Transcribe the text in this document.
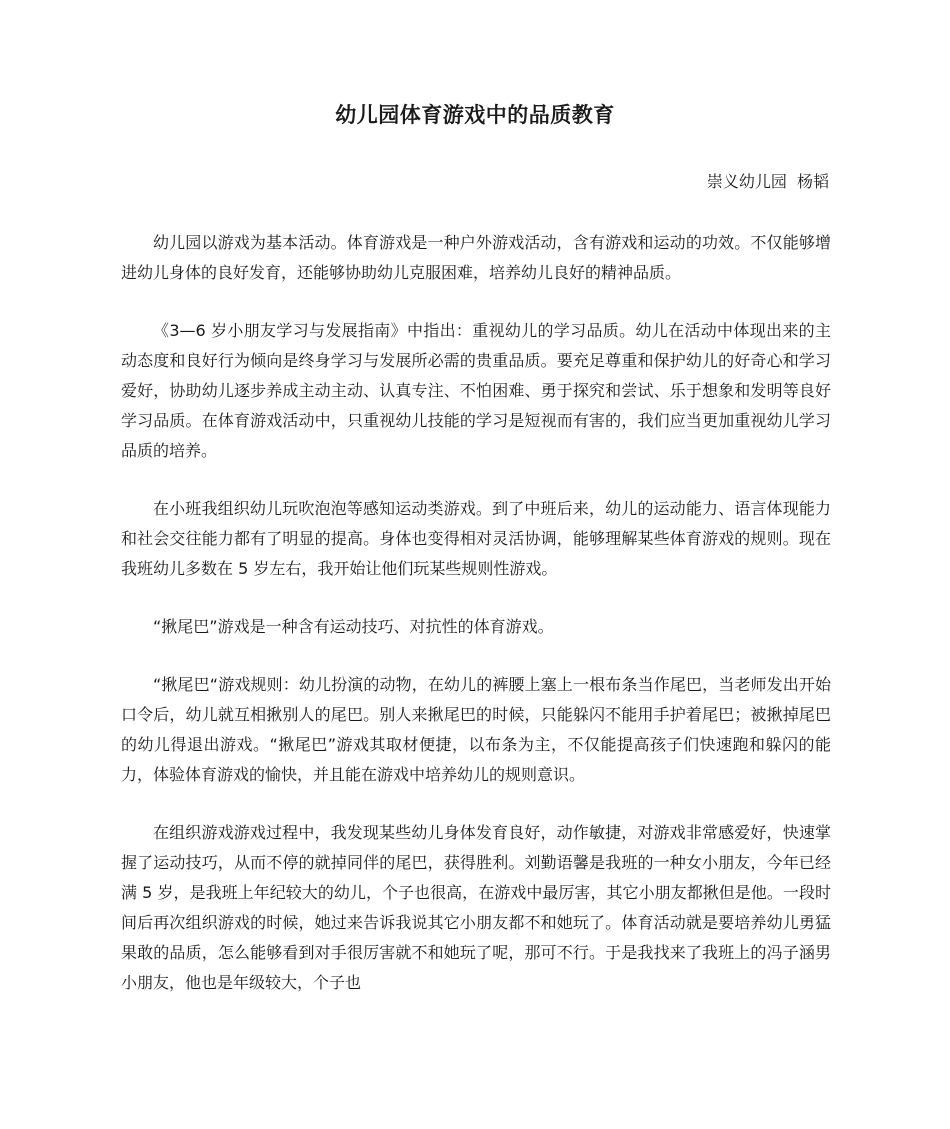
幼儿园体育游戏中的品质教育
崇义幼儿园  杨韬

幼儿园以游戏为基本活动。体育游戏是一种户外游戏活动，含有游戏和运动的功效。不仅能够增进幼儿身体的良好发育，还能够协助幼儿克服困难，培养幼儿良好的精神品质。

《3—6 岁小朋友学习与发展指南》中指出：重视幼儿的学习品质。幼儿在活动中体现出来的主动态度和良好行为倾向是终身学习与发展所必需的贵重品质。要充足尊重和保护幼儿的好奇心和学习爱好，协助幼儿逐步养成主动主动、认真专注、不怕困难、勇于探究和尝试、乐于想象和发明等良好学习品质。在体育游戏活动中，只重视幼儿技能的学习是短视而有害的，我们应当更加重视幼儿学习品质的培养。

在小班我组织幼儿玩吹泡泡等感知运动类游戏。到了中班后来，幼儿的运动能力、语言体现能力和社会交往能力都有了明显的提高。身体也变得相对灵活协调，能够理解某些体育游戏的规则。现在我班幼儿多数在 5 岁左右，我开始让他们玩某些规则性游戏。

“揪尾巴”游戏是一种含有运动技巧、对抗性的体育游戏。

“揪尾巴“游戏规则：幼儿扮演的动物，在幼儿的裤腰上塞上一根布条当作尾巴，当老师发出开始口令后，幼儿就互相揪别人的尾巴。别人来揪尾巴的时候，只能躲闪不能用手护着尾巴；被揪掉尾巴的幼儿得退出游戏。“揪尾巴”游戏其取材便捷，以布条为主，不仅能提高孩子们快速跑和躲闪的能力，体验体育游戏的愉快，并且能在游戏中培养幼儿的规则意识。

在组织游戏游戏过程中，我发现某些幼儿身体发育良好，动作敏捷，对游戏非常感爱好，快速掌握了运动技巧，从而不停的就掉同伴的尾巴，获得胜利。刘勤语馨是我班的一种女小朋友，今年已经满 5 岁，是我班上年纪较大的幼儿，个子也很高，在游戏中最厉害，其它小朋友都揪但是他。一段时间后再次组织游戏的时候，她过来告诉我说其它小朋友都不和她玩了。体育活动就是要培养幼儿勇猛果敢的品质，怎么能够看到对手很厉害就不和她玩了呢，那可不行。于是我找来了我班上的冯子涵男小朋友，他也是年级较大，个子也
